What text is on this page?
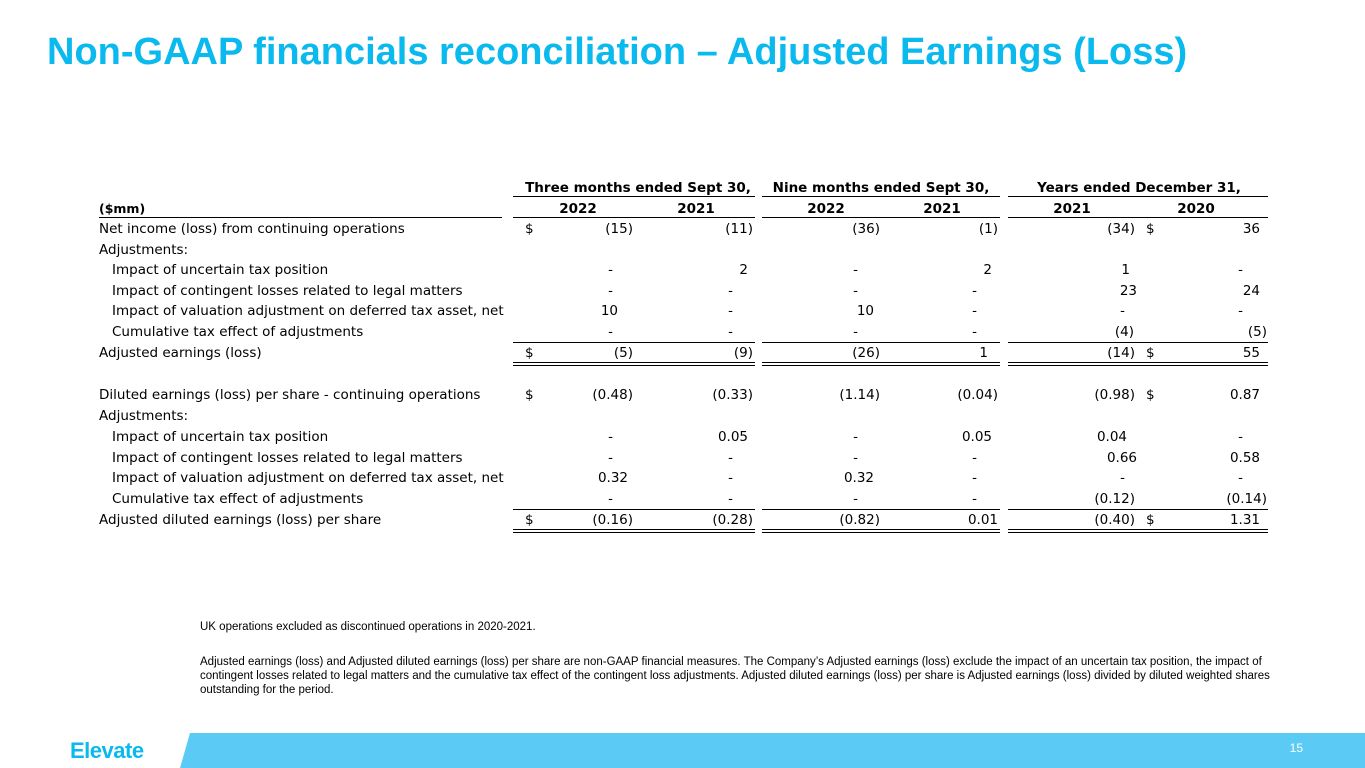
Non-GAAP financials reconciliation – Adjusted Earnings (Loss)
Three months ended Sept 30,	Nine months ended Sept 30,	Years ended December 31,
($mm)	2022	2021	2022	2021	2021	2020
Net income (loss) from continuing operations	$	(15)	(11)	(36)	(1)	(34) $	36
Adjustments:
Impact of uncertain tax position	-	2	-	2	1	-
Impact of contingent losses related to legal matters	-	-	-	-	23	24
Impact of valuation adjustment on deferred tax asset, net	10	-	10	-	-	-
Cumulative tax effect of adjustments	-	-	-	-	(4)	(5)
Adjusted earnings (loss)	$	(5)	(9)	(26)	1	(14) $	55
Diluted earnings (loss) per share - continuing operations	$	(0.48)	(0.33)	(1.14)	(0.04)	(0.98) $	0.87
Adjustments:
Impact of uncertain tax position	-	0.05	-	0.05	0.04	-
Impact of contingent losses related to legal matters	-	-	-	-	0.66	0.58
Impact of valuation adjustment on deferred tax asset, net	0.32	-	0.32	-	-	-
Cumulative tax effect of adjustments	-	-	-	-	(0.12)	(0.14)
Adjusted diluted earnings (loss) per share	$	(0.16)	(0.28)	(0.82)	0.01	(0.40) $	1.31

UK operations excluded as discontinued operations in 2020-2021.

Adjusted earnings (loss) and Adjusted diluted earnings (loss) per share are non-GAAP financial measures. The Company’s Adjusted earnings (loss) exclude the impact of an uncertain tax position, the impact of contingent losses related to legal matters and the cumulative tax effect of the contingent loss adjustments. Adjusted diluted earnings (loss) per share is Adjusted earnings (loss) divided by diluted weighted shares outstanding for the period.

Elevate	15
